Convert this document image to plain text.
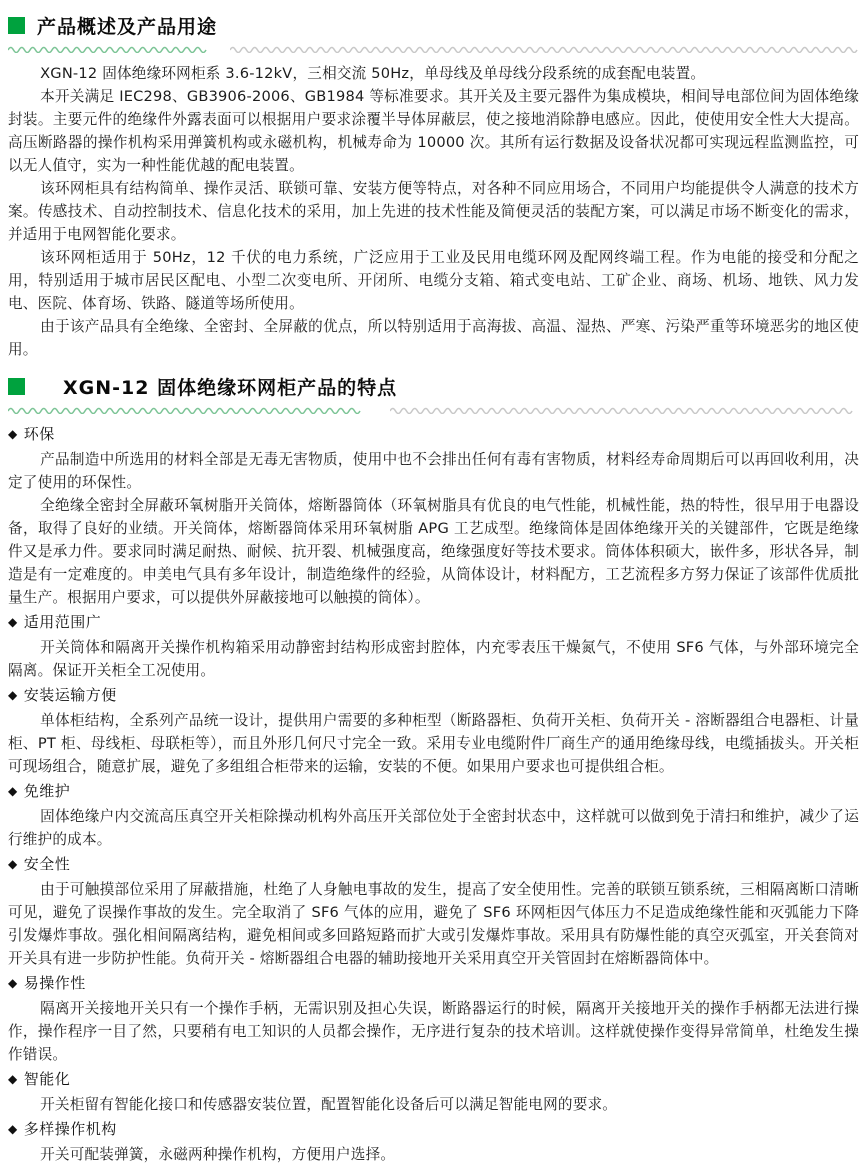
产品概述及产品用途

XGN-12 固体绝缘环网柜系 3.6-12kV，三相交流 50Hz，单母线及单母线分段系统的成套配电装置。

本开关满足 IEC298、GB3906-2006、GB1984 等标准要求。其开关及主要元器件为集成模块，相间导电部位间为固体绝缘封装。主要元件的绝缘件外露表面可以根据用户要求涂覆半导体屏蔽层，使之接地消除静电感应。因此，使使用安全性大大提高。高压断路器的操作机构采用弹簧机构或永磁机构，机械寿命为 10000 次。其所有运行数据及设备状况都可实现远程监测监控，可以无人值守，实为一种性能优越的配电装置。

该环网柜具有结构简单、操作灵活、联锁可靠、安装方便等特点，对各种不同应用场合，不同用户均能提供令人满意的技术方案。传感技术、自动控制技术、信息化技术的采用，加上先进的技术性能及简便灵活的装配方案，可以满足市场不断变化的需求，并适用于电网智能化要求。

该环网柜适用于 50Hz，12 千伏的电力系统，广泛应用于工业及民用电缆环网及配网终端工程。作为电能的接受和分配之用，特别适用于城市居民区配电、小型二次变电所、开闭所、电缆分支箱、箱式变电站、工矿企业、商场、机场、地铁、风力发电、医院、体育场、铁路、隧道等场所使用。

由于该产品具有全绝缘、全密封、全屏蔽的优点，所以特别适用于高海拔、高温、湿热、严寒、污染严重等环境恶劣的地区使用。

XGN-12 固体绝缘环网柜产品的特点
◆ 环保

产品制造中所选用的材料全部是无毒无害物质，使用中也不会排出任何有毒有害物质，材料经寿命周期后可以再回收利用，决定了使用的环保性。

全绝缘全密封全屏蔽环氧树脂开关筒体，熔断器筒体（环氧树脂具有优良的电气性能，机械性能，热的特性，很早用于电器设备，取得了良好的业绩。开关筒体，熔断器筒体采用环氧树脂 APG 工艺成型。绝缘筒体是固体绝缘开关的关键部件，它既是绝缘件又是承力件。要求同时满足耐热、耐候、抗开裂、机械强度高，绝缘强度好等技术要求。筒体体积硕大，嵌件多，形状各异，制造是有一定难度的。申美电气具有多年设计，制造绝缘件的经验，从筒体设计，材料配方，工艺流程多方努力保证了该部件优质批量生产。根据用户要求，可以提供外屏蔽接地可以触摸的筒体）。

◆ 适用范围广

开关筒体和隔离开关操作机构箱采用动静密封结构形成密封腔体，内充零表压干燥氮气，不使用 SF6 气体，与外部环境完全隔离。保证开关柜全工况使用。

◆ 安装运输方便

单体柜结构，全系列产品统一设计，提供用户需要的多种柜型（断路器柜、负荷开关柜、负荷开关 - 溶断器组合电器柜、计量柜、PT 柜、母线柜、母联柜等），而且外形几何尺寸完全一致。采用专业电缆附件厂商生产的通用绝缘母线，电缆插拔头。开关柜可现场组合，随意扩展，避免了多组组合柜带来的运输，安装的不便。如果用户要求也可提供组合柜。

◆ 免维护

固体绝缘户内交流高压真空开关柜除操动机构外高压开关部位处于全密封状态中，这样就可以做到免于清扫和维护，减少了运行维护的成本。

◆ 安全性

由于可触摸部位采用了屏蔽措施，杜绝了人身触电事故的发生，提高了安全使用性。完善的联锁互锁系统，三相隔离断口清晰可见，避免了误操作事故的发生。完全取消了 SF6 气体的应用，避免了 SF6 环网柜因气体压力不足造成绝缘性能和灭弧能力下降引发爆炸事故。强化相间隔离结构，避免相间或多回路短路而扩大或引发爆炸事故。采用具有防爆性能的真空灭弧室，开关套筒对开关具有进一步防护性能。负荷开关 - 熔断器组合电器的辅助接地开关采用真空开关管固封在熔断器筒体中。

◆ 易操作性

隔离开关接地开关只有一个操作手柄，无需识别及担心失误，断路器运行的时候，隔离开关接地开关的操作手柄都无法进行操作，操作程序一目了然，只要稍有电工知识的人员都会操作，无序进行复杂的技术培训。这样就使操作变得异常简单，杜绝发生操作错误。

◆ 智能化

开关柜留有智能化接口和传感器安装位置，配置智能化设备后可以满足智能电网的要求。

◆ 多样操作机构

开关可配装弹簧，永磁两种操作机构，方便用户选择。
